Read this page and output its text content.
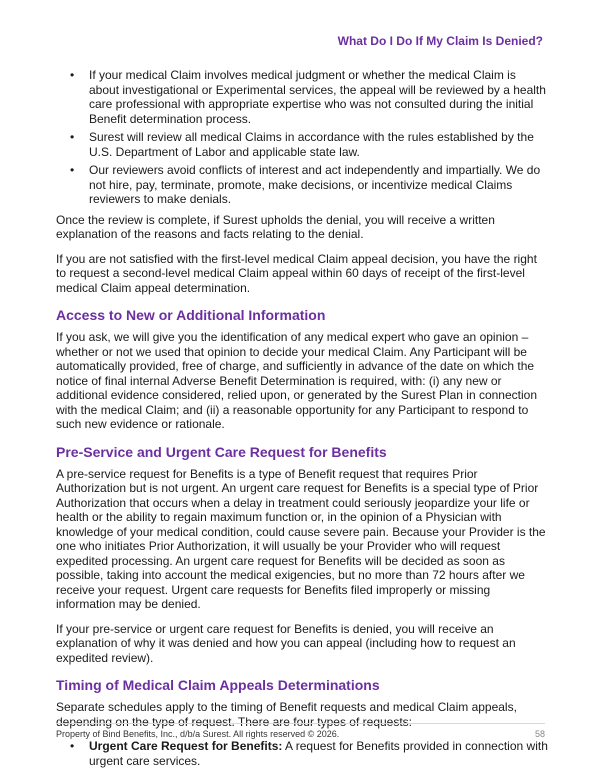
What Do I Do If My Claim Is Denied?
• If your medical Claim involves medical judgment or whether the medical Claim is about investigational or Experimental services, the appeal will be reviewed by a health care professional with appropriate expertise who was not consulted during the initial Benefit determination process.
• Surest will review all medical Claims in accordance with the rules established by the U.S. Department of Labor and applicable state law.
• Our reviewers avoid conflicts of interest and act independently and impartially. We do not hire, pay, terminate, promote, make decisions, or incentivize medical Claims reviewers to make denials.

Once the review is complete, if Surest upholds the denial, you will receive a written explanation of the reasons and facts relating to the denial.

If you are not satisfied with the first-level medical Claim appeal decision, you have the right to request a second-level medical Claim appeal within 60 days of receipt of the first-level medical Claim appeal determination.

Access to New or Additional Information

If you ask, we will give you the identification of any medical expert who gave an opinion – whether or not we used that opinion to decide your medical Claim. Any Participant will be automatically provided, free of charge, and sufficiently in advance of the date on which the notice of final internal Adverse Benefit Determination is required, with: (i) any new or additional evidence considered, relied upon, or generated by the Surest Plan in connection with the medical Claim; and (ii) a reasonable opportunity for any Participant to respond to such new evidence or rationale.

Pre-Service and Urgent Care Request for Benefits

A pre-service request for Benefits is a type of Benefit request that requires Prior Authorization but is not urgent. An urgent care request for Benefits is a special type of Prior Authorization that occurs when a delay in treatment could seriously jeopardize your life or health or the ability to regain maximum function or, in the opinion of a Physician with knowledge of your medical condition, could cause severe pain. Because your Provider is the one who initiates Prior Authorization, it will usually be your Provider who will request expedited processing. An urgent care request for Benefits will be decided as soon as possible, taking into account the medical exigencies, but no more than 72 hours after we receive your request. Urgent care requests for Benefits filed improperly or missing information may be denied.

If your pre-service or urgent care request for Benefits is denied, you will receive an explanation of why it was denied and how you can appeal (including how to request an expedited review).

Timing of Medical Claim Appeals Determinations

Separate schedules apply to the timing of Benefit requests and medical Claim appeals, depending on the type of request. There are four types of requests:

• Urgent Care Request for Benefits: A request for Benefits provided in connection with urgent care services.
Property of Bind Benefits, Inc., d/b/a Surest. All rights reserved © 2026.	58
